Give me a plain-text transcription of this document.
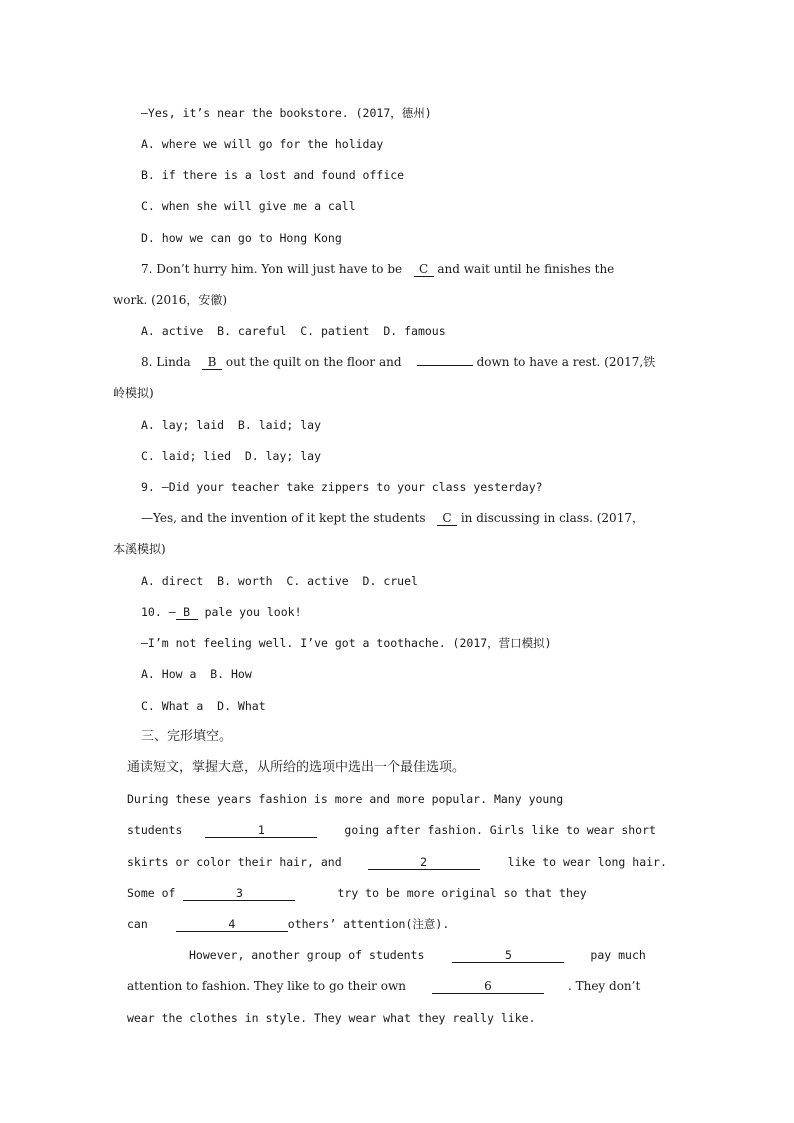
—Yes, it’s near the bookstore. (2017，德州)
A. where we will go for the holiday
B. if there is a lost and found office
C. when she will give me a call
D. how we can go to Hong Kong
7. Don’t hurry him. Yon will just have to be C and wait until he finishes the
work. (2016，安徽)
A. active  B. careful  C. patient  D. famous
8. Linda B out the quilt on the floor and	down to have a rest. (2017,铁
岭模拟)
A. lay; laid  B. laid; lay
C. laid; lied  D. lay; lay
9. —Did your teacher take zippers to your class yesterday?
—Yes, and the invention of it kept the students C in discussing in class. (2017，
本溪模拟)
A. direct  B. worth  C. active  D. cruel
10. — B pale you look!
—I’m not feeling well. I’ve got a toothache. (2017，营口模拟)
A. How a  B. How
C. What a  D. What
三、完形填空。
通读短文，掌握大意，从所给的选项中选出一个最佳选项。
During these years fashion is more and more popular. Many young
students	1	going after fashion. Girls like to wear short
skirts or color their hair, and	2	like to wear long hair.
Some of	3	try to be more original so that they
can	4	others’ attention(注意).
However, another group of students	5	pay much
attention to fashion. They like to go their own	6	. They don’t
wear the clothes in style. They wear what they really like.
